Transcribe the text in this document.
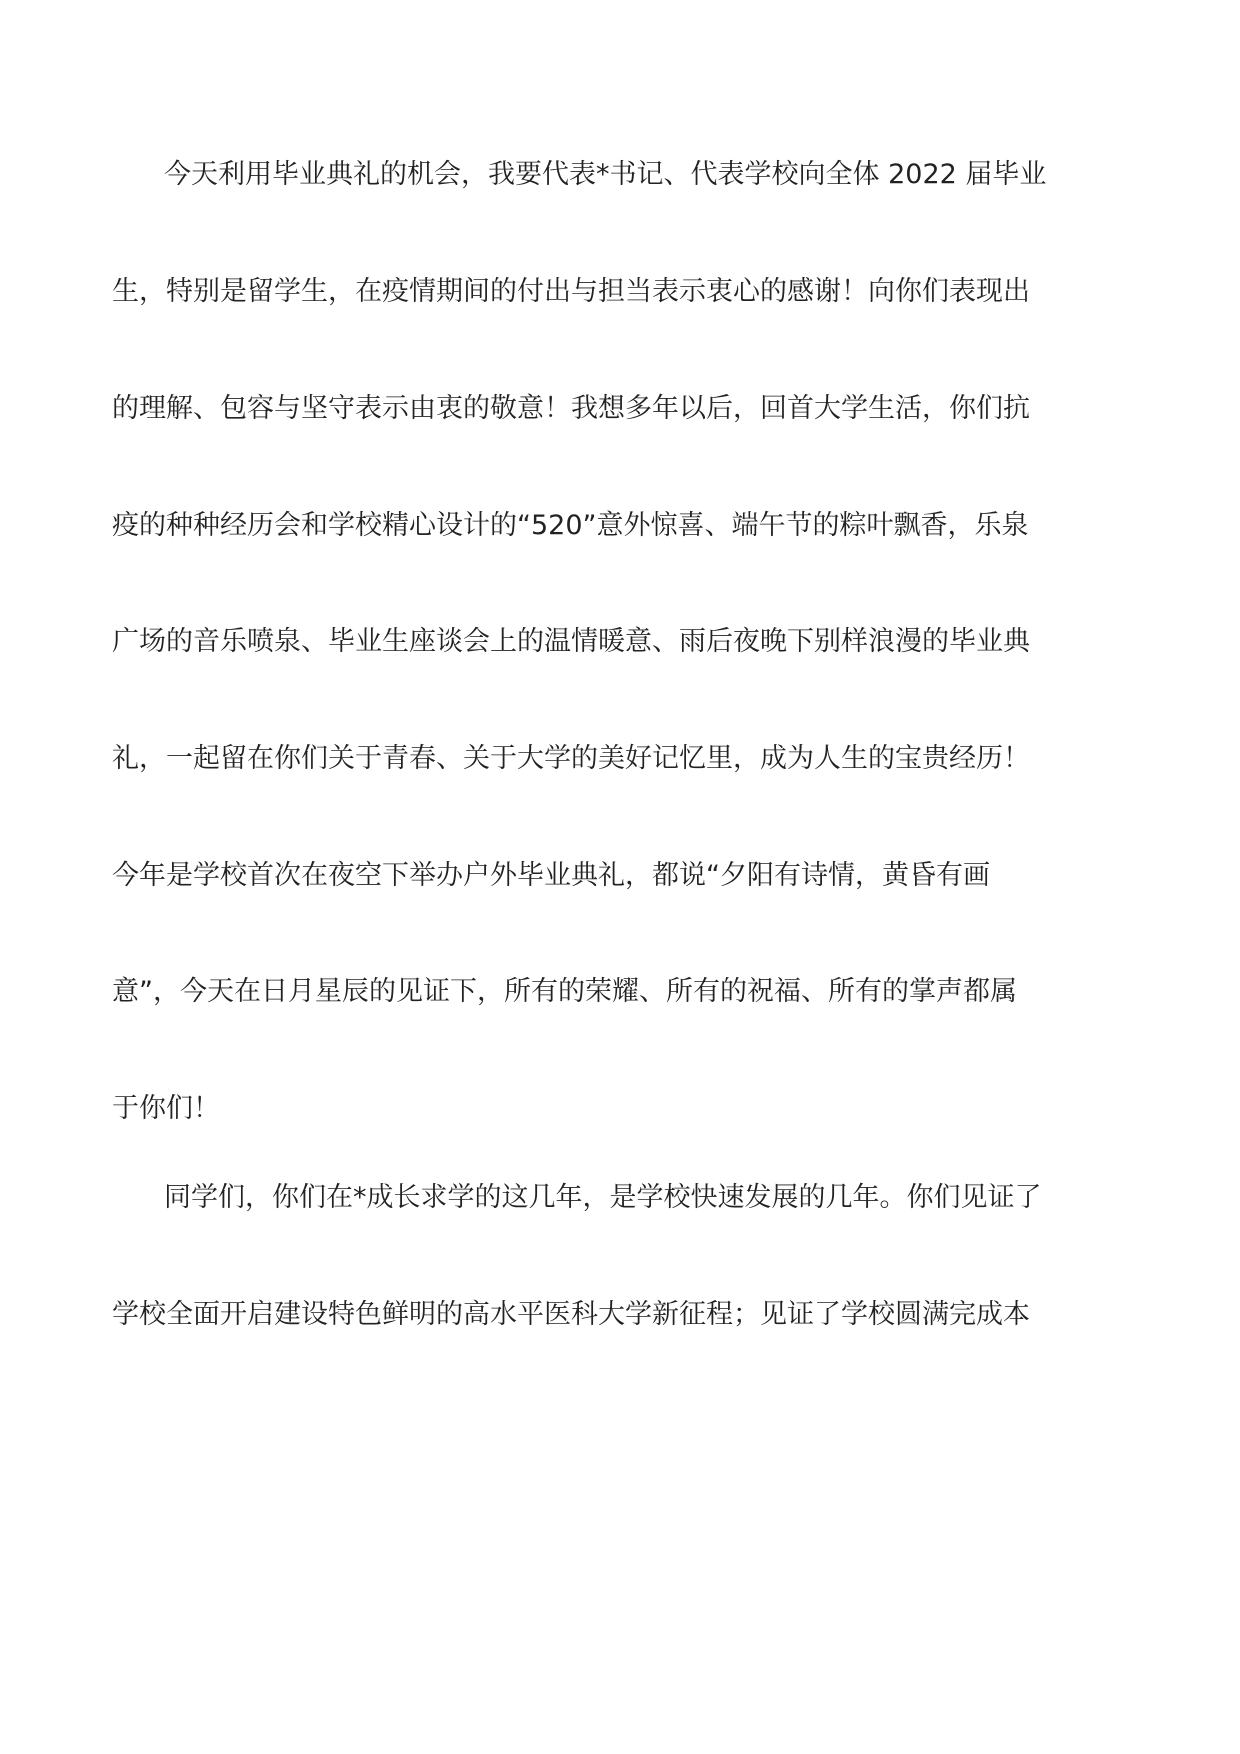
今天利用毕业典礼的机会，我要代表*书记、代表学校向全体 2022 届毕业
生，特别是留学生，在疫情期间的付出与担当表示衷心的感谢！向你们表现出
的理解、包容与坚守表示由衷的敬意！我想多年以后，回首大学生活，你们抗
疫的种种经历会和学校精心设计的“520”意外惊喜、端午节的粽叶飘香，乐泉
广场的音乐喷泉、毕业生座谈会上的温情暖意、雨后夜晚下别样浪漫的毕业典
礼，一起留在你们关于青春、关于大学的美好记忆里，成为人生的宝贵经历！
今年是学校首次在夜空下举办户外毕业典礼，都说“夕阳有诗情，黄昏有画
意”，今天在日月星辰的见证下，所有的荣耀、所有的祝福、所有的掌声都属
于你们！
同学们，你们在*成长求学的这几年，是学校快速发展的几年。你们见证了
学校全面开启建设特色鲜明的高水平医科大学新征程；见证了学校圆满完成本
